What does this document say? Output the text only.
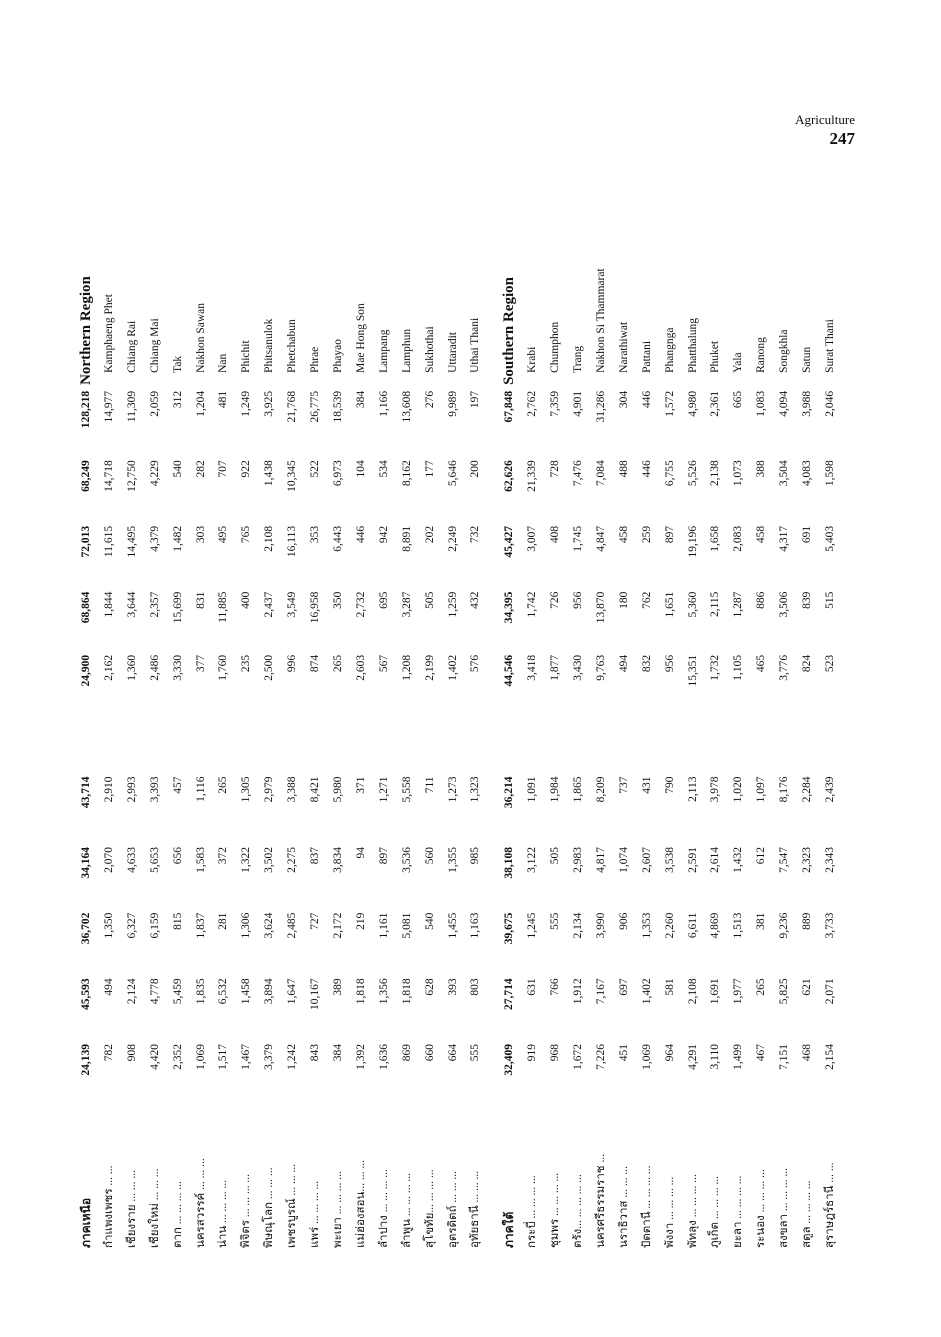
Agriculture
247
ภาคเหนือ	24,139	45,593	36,702	34,164	43,714		24,900	68,864	72,013	68,249	128,218	Northern Region
กำแพงเพชร ... ...	782	494	1,350	2,070	2,910		2,162	1,844	11,615	14,718	14,977	Kamphaeng Phet
เชียงราย ... ... ...	908	2,124	6,327	4,633	2,993		1,360	3,644	14,495	12,750	11,309	Chiang Rai
เชียงใหม่ ... ... ...	4,420	4,778	6,159	5,653	3,393		2,486	2,357	4,379	4,229	2,059	Chiang Mai
ตาก ... ... ... ...	2,352	5,459	815	656	457		3,330	15,699	1,482	540	312	Tak
นครสวรรค์ ... ... ...	1,069	1,835	1,837	1,583	1,116		377	831	303	282	1,204	Nakhon Sawan
น่าน ... ... ... ...	1,517	6,532	281	372	265		1,760	11,885	495	707	481	Nan
พิจิตร ... ... ... ...	1,467	1,458	1,306	1,322	1,305		235	400	765	922	1,249	Phichit
พิษณุโลก ... ... ...	3,379	3,894	3,624	3,502	2,979		2,500	2,437	2,108	1,438	3,925	Phitsanulok
เพชรบูรณ์ ... ... ...	1,242	1,647	2,485	2,275	3,388		996	3,549	16,113	10,345	21,768	Phetchabun
แพร่ ... ... ... ...	843	10,167	727	837	8,421		874	16,958	353	522	26,775	Phrae
พะเยา ... ... ... ...	384	389	2,172	3,834	5,980		265	350	6,443	6,973	18,539	Phayao
แม่ฮ่องสอน... ... ...	1,392	1,818	219	94	371		2,603	2,732	446	104	384	Mae Hong Son
ลำปาง ... ... ... ...	1,636	1,356	1,161	897	1,271		567	695	942	534	1,166	Lampang
ลำพูน ... ... ... ...	869	1,818	5,081	3,536	5,558		1,208	3,287	8,891	8,162	13,608	Lamphun
สุโขทัย... ... ... ...	660	628	540	560	711		2,199	505	202	177	276	Sukhothai
อุตรดิตถ์ ... ... ...	664	393	1,455	1,355	1,273		1,402	1,259	2,249	5,646	9,989	Uttaradit
อุทัยธานี ... ... ...	555	803	1,163	985	1,323		576	432	732	200	197	Uthai Thani

ภาคใต้	32,409	27,714	39,675	38,108	36,214		44,546	34,395	45,427	62,626	67,848	Southern Region
กระบี่ ... ... ... ...	919	631	1,245	3,122	1,091		3,418	1,742	3,007	21,339	2,762	Krabi
ชุมพร ... ... ... ...	968	766	555	505	1,984		1,877	726	408	728	7,359	Chumphon
ตรัง... ... ... ... ...	1,672	1,912	2,134	2,983	1,865		3,430	956	1,745	7,476	4,901	Trang
นครศรีธรรมราช ...	7,226	7,167	3,990	4,817	8,209		9,763	13,870	4,847	7,084	31,286	Nakhon Si Thammarat
นราธิวาส ... ... ...	451	697	906	1,074	737		494	180	458	488	304	Narathiwat
ปัตตานี ... ... ... ...	1,069	1,402	1,353	2,607	431		832	762	259	446	446	Pattani
พังงา ... ... ... ...	964	581	2,260	3,538	790		956	1,651	897	6,755	1,572	Phangnga
พัทลุง ... ... ... ...	4,291	2,108	6,611	2,591	2,113		15,351	5,360	19,196	5,526	4,980	Phatthalung
ภูเก็ต ... ... ... ...	3,110	1,691	4,869	2,614	3,978		1,732	2,115	1,658	2,138	2,361	Phuket
ยะลา ... ... ... ...	1,499	1,977	1,513	1,432	1,020		1,105	1,287	2,083	1,073	665	Yala
ระนอง ... ... ... ...	467	265	381	612	1,097		465	886	458	388	1,083	Ranong
สงขลา ... ... ... ...	7,151	5,825	9,236	7,547	8,176		3,776	3,506	4,317	3,504	4,094	Songkhla
สตูล ... ... ... ...	468	621	889	2,323	2,284		824	839	691	4,083	3,988	Satun
สุราษฎร์ธานี ... ...	2,154	2,071	3,733	2,343	2,439		523	515	5,403	1,598	2,046	Surat Thani
